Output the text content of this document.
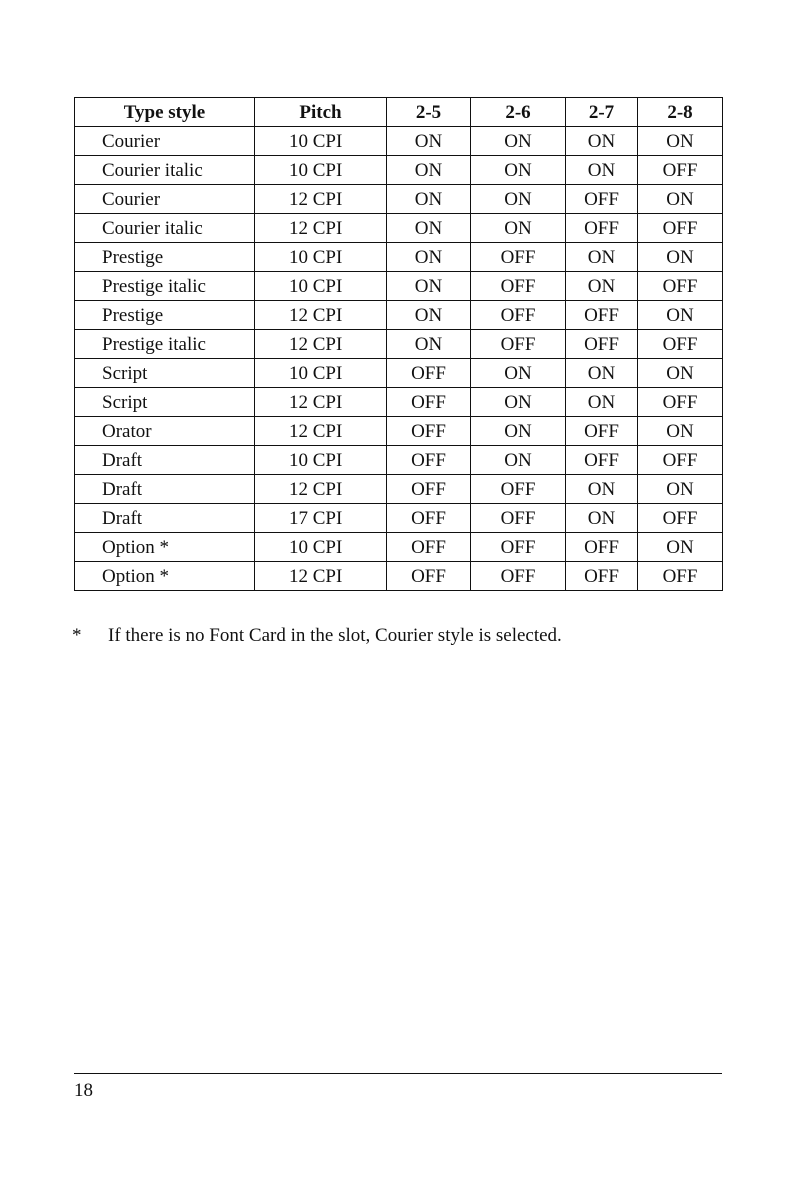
Type style	Pitch	2-5	2-6	2-7	2-8
Courier	10 CPI	ON	ON	ON	ON
Courier italic	10 CPI	ON	ON	ON	OFF
Courier	12 CPI	ON	ON	OFF	ON
Courier italic	12 CPI	ON	ON	OFF	OFF
Prestige	10 CPI	ON	OFF	ON	ON
Prestige italic	10 CPI	ON	OFF	ON	OFF
Prestige	12 CPI	ON	OFF	OFF	ON
Prestige italic	12 CPI	ON	OFF	OFF	OFF
Script	10 CPI	OFF	ON	ON	ON
Script	12 CPI	OFF	ON	ON	OFF
Orator	12 CPI	OFF	ON	OFF	ON
Draft	10 CPI	OFF	ON	OFF	OFF
Draft	12 CPI	OFF	OFF	ON	ON
Draft	17 CPI	OFF	OFF	ON	OFF
Option *	10 CPI	OFF	OFF	OFF	ON
Option *	12 CPI	OFF	OFF	OFF	OFF
* If there is no Font Card in the slot, Courier style is selected.
18
